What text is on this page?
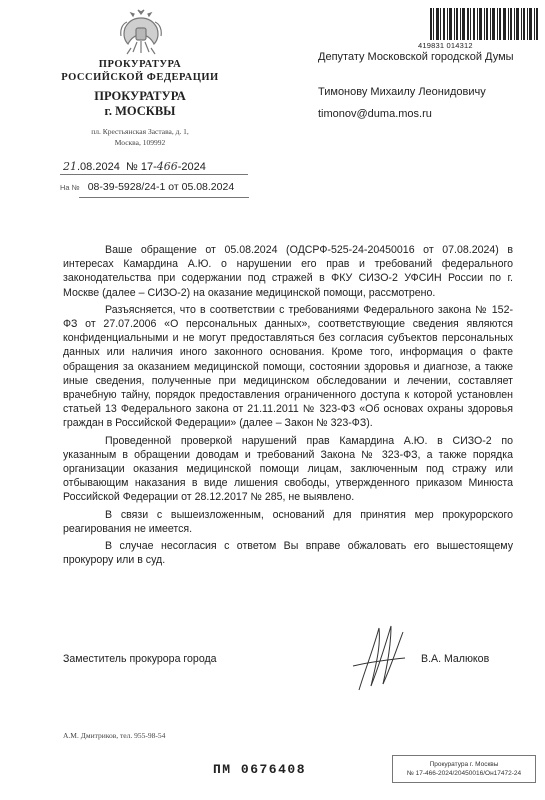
ПРОКУРАТУРА
РОССИЙСКОЙ ФЕДЕРАЦИИ
ПРОКУРАТУРА
г. МОСКВЫ
пл. Крестьянская Застава, д. 1,
Москва, 109992
21.08.2024 № 17-466-2024
На № 08-39-5928/24-1 от 05.08.2024
419831 014312
Депутату Московской городской Думы
Тимонову Михаилу Леонидовичу
timonov@duma.mos.ru

Ваше обращение от 05.08.2024 (ОДСРФ-525-24-20450016 от 07.08.2024) в интересах Камардина А.Ю. о нарушении его прав и требований федерального законодательства при содержании под стражей в ФКУ СИЗО-2 УФСИН России по г. Москве (далее – СИЗО-2) на оказание медицинской помощи, рассмотрено.

Разъясняется, что в соответствии с требованиями Федерального закона № 152-ФЗ от 27.07.2006 «О персональных данных», соответствующие сведения являются конфиденциальными и не могут предоставляться без согласия субъектов персональных данных или наличия иного законного основания. Кроме того, информация о факте обращения за оказанием медицинской помощи, состоянии здоровья и диагнозе, а также иные сведения, полученные при медицинском обследовании и лечении, составляет врачебную тайну, порядок предоставления ограниченного доступа к которой установлен статьей 13 Федерального закона от 21.11.2011 № 323-ФЗ «Об основах охраны здоровья граждан в Российской Федерации» (далее – Закон № 323-ФЗ).

Проведенной проверкой нарушений прав Камардина А.Ю. в СИЗО-2 по указанным в обращении доводам и требований Закона № 323-ФЗ, а также порядка организации оказания медицинской помощи лицам, заключенным под стражу или отбывающим наказания в виде лишения свободы, утвержденного приказом Минюста Российской Федерации от 28.12.2017 № 285, не выявлено.

В связи с вышеизложенным, оснований для принятия мер прокурорского реагирования не имеется.

В случае несогласия с ответом Вы вправе обжаловать его вышестоящему прокурору или в суд.

Заместитель прокурора города	В.А. Малюков
А.М. Дмитриков, тел. 955-98-54
ПМ 0676408	Прокуратура г. Москвы
№ 17-466-2024/20450016/Он17472-24
